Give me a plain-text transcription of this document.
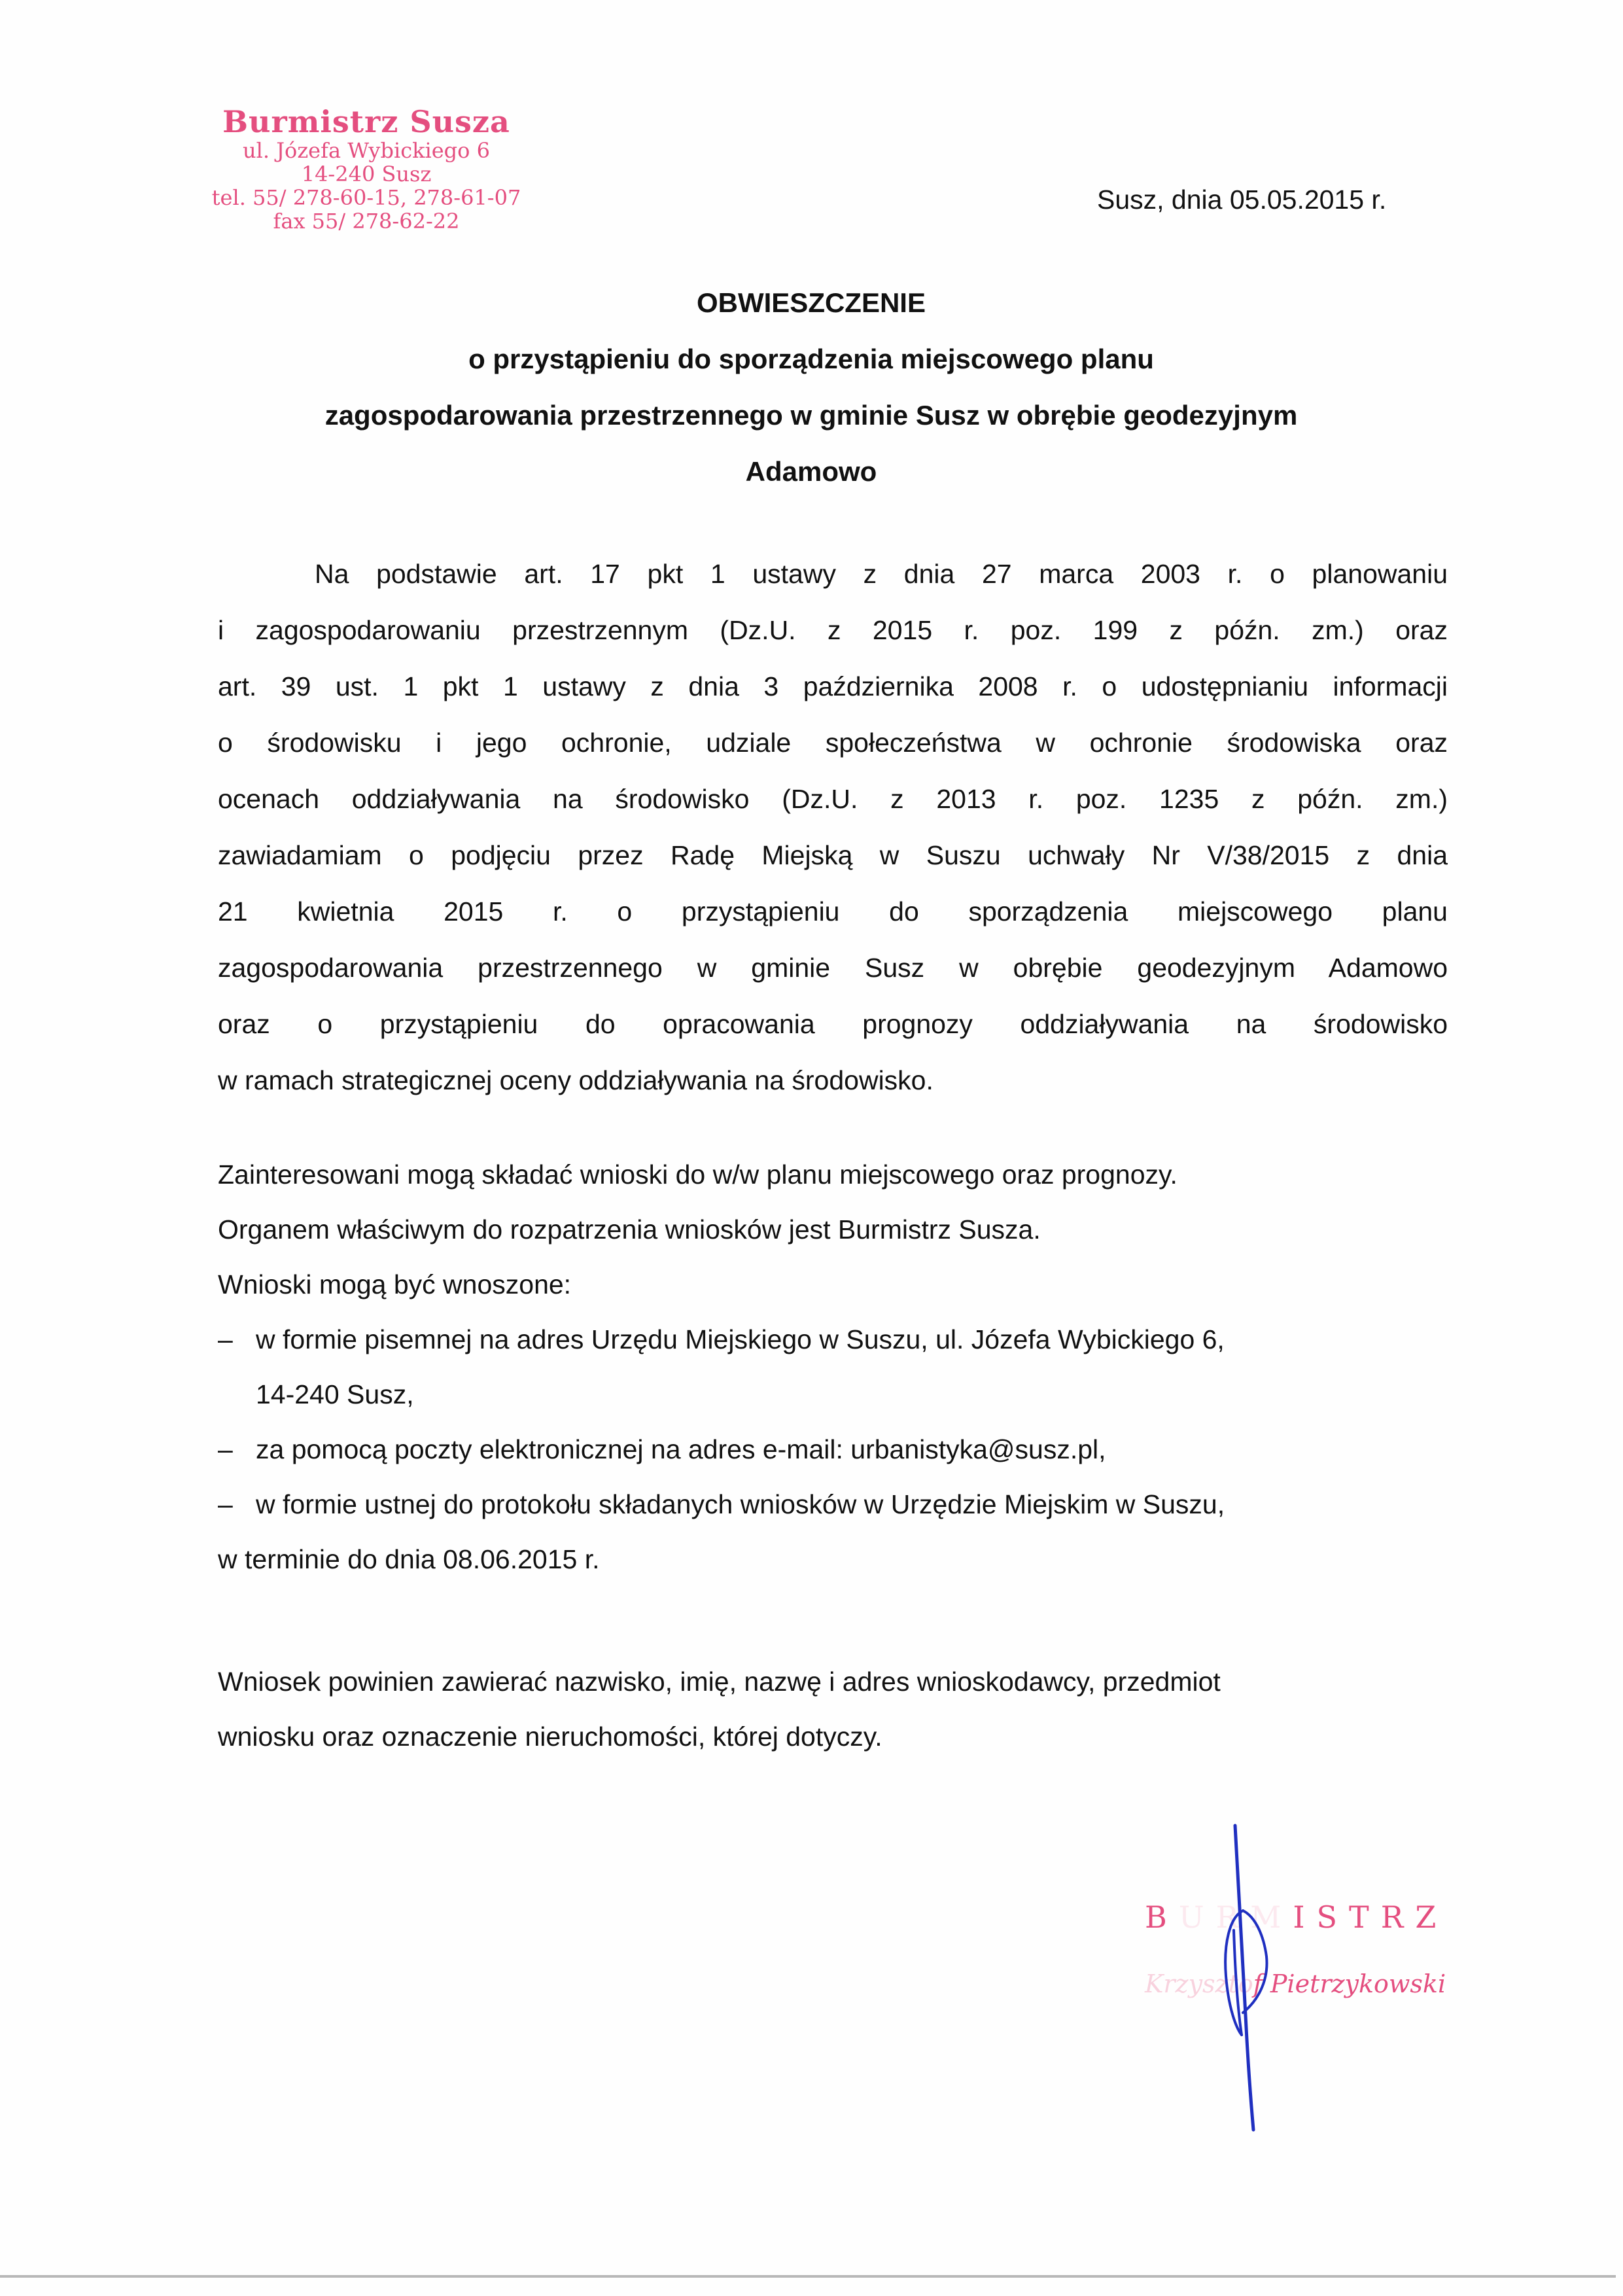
Burmistrz Susza
ul. Józefa Wybickiego 6
14-240 Susz
tel. 55/ 278-60-15, 278-61-07
fax 55/ 278-62-22
Susz, dnia 05.05.2015 r.
OBWIESZCZENIE
o przystąpieniu do sporządzenia miejscowego planu
zagospodarowania przestrzennego w gminie Susz w obrębie geodezyjnym
Adamowo
Na podstawie art. 17 pkt 1 ustawy z dnia 27 marca 2003 r. o planowaniu
i zagospodarowaniu przestrzennym (Dz.U. z 2015 r. poz. 199 z późn. zm.) oraz
art. 39 ust. 1 pkt 1 ustawy z dnia 3 października 2008 r. o udostępnianiu informacji
o środowisku i jego ochronie, udziale społeczeństwa w ochronie środowiska oraz
ocenach oddziaływania na środowisko (Dz.U. z 2013 r. poz. 1235 z późn. zm.)
zawiadamiam o podjęciu przez Radę Miejską w Suszu uchwały Nr V/38/2015 z dnia
21 kwietnia 2015 r. o przystąpieniu do sporządzenia miejscowego planu
zagospodarowania przestrzennego w gminie Susz w obrębie geodezyjnym Adamowo
oraz o przystąpieniu do opracowania prognozy oddziaływania na środowisko
w ramach strategicznej oceny oddziaływania na środowisko.
Zainteresowani mogą składać wnioski do w/w planu miejscowego oraz prognozy.
Organem właściwym do rozpatrzenia wniosków jest Burmistrz Susza.
Wnioski mogą być wnoszone:
– w formie pisemnej na adres Urzędu Miejskiego w Suszu, ul. Józefa Wybickiego 6,
14-240 Susz,
– za pomocą poczty elektronicznej na adres e-mail: urbanistyka@susz.pl,
– w formie ustnej do protokołu składanych wniosków w Urzędzie Miejskim w Suszu,
w terminie do dnia 08.06.2015 r.
Wniosek powinien zawierać nazwisko, imię, nazwę i adres wnioskodawcy, przedmiot
wniosku oraz oznaczenie nieruchomości, której dotyczy.
BURMISTRZ
Krzysztof Pietrzykowski
